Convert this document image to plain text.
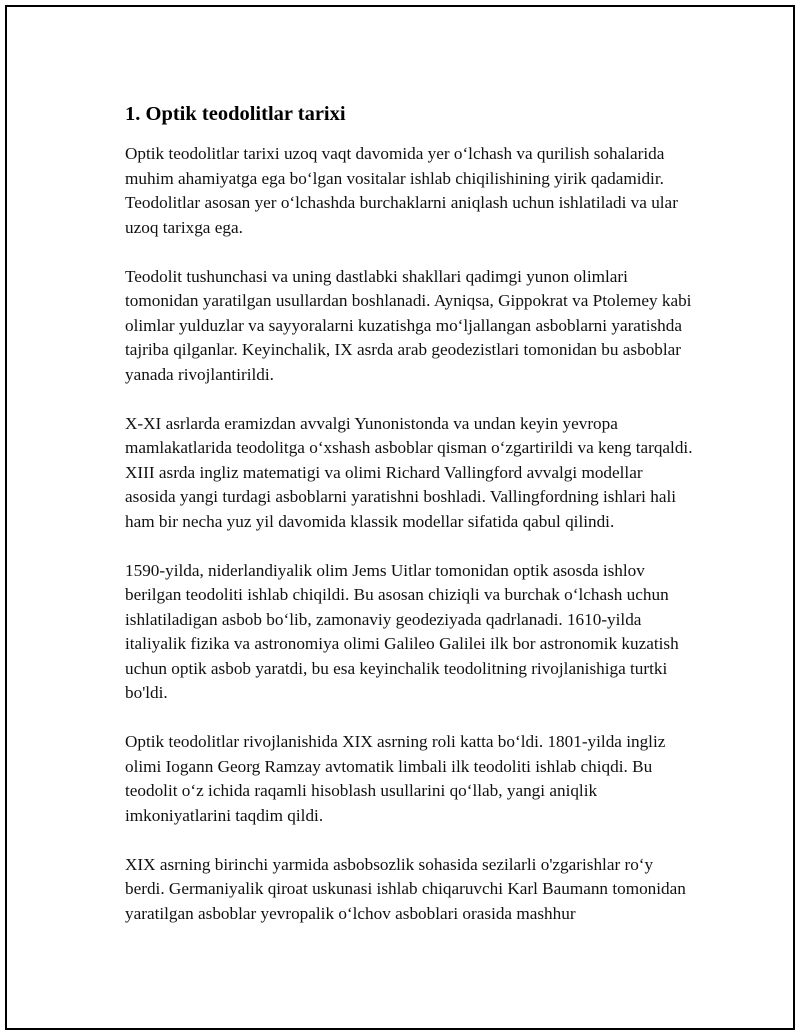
1. Optik teodolitlar tarixi

Optik teodolitlar tarixi uzoq vaqt davomida yer o‘lchash va qurilish sohalarida muhim ahamiyatga ega bo‘lgan vositalar ishlab chiqilishining yirik qadamidir. Teodolitlar asosan yer o‘lchashda burchaklarni aniqlash uchun ishlatiladi va ular uzoq tarixga ega.

Teodolit tushunchasi va uning dastlabki shakllari qadimgi yunon olimlari tomonidan yaratilgan usullardan boshlanadi. Ayniqsa, Gippokrat va Ptolemey kabi olimlar yulduzlar va sayyoralarni kuzatishga mo‘ljallangan asboblarni yaratishda tajriba qilganlar. Keyinchalik, IX asrda arab geodezistlari tomonidan bu asboblar yanada rivojlantirildi.

X-XI asrlarda eramizdan avvalgi Yunonistonda va undan keyin yevropa mamlakatlarida teodolitga o‘xshash asboblar qisman o‘zgartirildi va keng tarqaldi. XIII asrda ingliz matematigi va olimi Richard Vallingford avvalgi modellar asosida yangi turdagi asboblarni yaratishni boshladi. Vallingfordning ishlari hali ham bir necha yuz yil davomida klassik modellar sifatida qabul qilindi.

1590-yilda, niderlandiyalik olim Jems Uitlar tomonidan optik asosda ishlov berilgan teodoliti ishlab chiqildi. Bu asosan chiziqli va burchak o‘lchash uchun ishlatiladigan asbob bo‘lib, zamonaviy geodeziyada qadrlanadi. 1610-yilda italiyalik fizika va astronomiya olimi Galileo Galilei ilk bor astronomik kuzatish uchun optik asbob yaratdi, bu esa keyinchalik teodolitning rivojlanishiga turtki bo'ldi.

Optik teodolitlar rivojlanishida XIX asrning roli katta bo‘ldi. 1801-yilda ingliz olimi Iogann Georg Ramzay avtomatik limbali ilk teodoliti ishlab chiqdi. Bu teodolit o‘z ichida raqamli hisoblash usullarini qo‘llab, yangi aniqlik imkoniyatlarini taqdim qildi.

XIX asrning birinchi yarmida asbobsozlik sohasida sezilarli o'zgarishlar ro‘y berdi. Germaniyalik qiroat uskunasi ishlab chiqaruvchi Karl Baumann tomonidan yaratilgan asboblar yevropalik o‘lchov asboblari orasida mashhur
